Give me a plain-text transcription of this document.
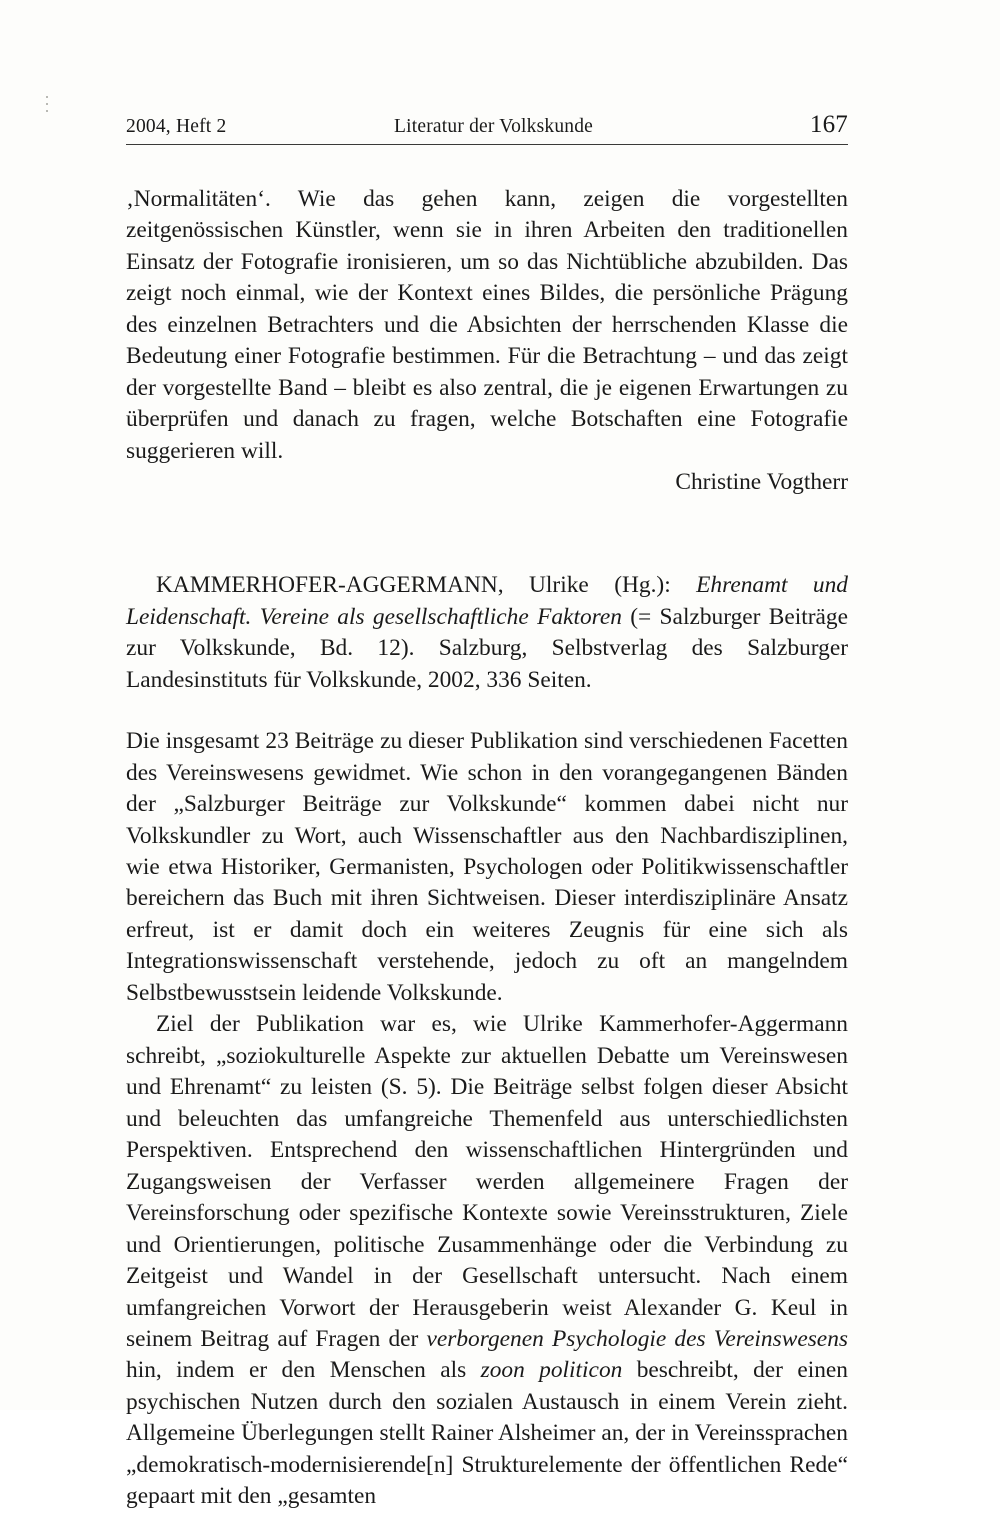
2004, Heft 2	Literatur der Volkskunde	167

‚Normalitäten‘. Wie das gehen kann, zeigen die vorgestellten zeitgenössischen Künstler, wenn sie in ihren Arbeiten den traditionellen Einsatz der Fotografie ironisieren, um so das Nichtübliche abzubilden. Das zeigt noch einmal, wie der Kontext eines Bildes, die persönliche Prägung des einzelnen Betrachters und die Absichten der herrschenden Klasse die Bedeutung einer Fotografie bestimmen. Für die Betrachtung – und das zeigt der vorgestellte Band – bleibt es also zentral, die je eigenen Erwartungen zu überprüfen und danach zu fragen, welche Botschaften eine Fotografie suggerieren will.

Christine Vogtherr
KAMMERHOFER-AGGERMANN, Ulrike (Hg.): Ehrenamt und Leidenschaft. Vereine als gesellschaftliche Faktoren (= Salzburger Beiträge zur Volkskunde, Bd. 12). Salzburg, Selbstverlag des Salzburger Landesinstituts für Volkskunde, 2002, 336 Seiten.

Die insgesamt 23 Beiträge zu dieser Publikation sind verschiedenen Facetten des Vereinswesens gewidmet. Wie schon in den vorangegangenen Bänden der „Salzburger Beiträge zur Volkskunde“ kommen dabei nicht nur Volkskundler zu Wort, auch Wissenschaftler aus den Nachbardisziplinen, wie etwa Historiker, Germanisten, Psychologen oder Politikwissenschaftler bereichern das Buch mit ihren Sichtweisen. Dieser interdisziplinäre Ansatz erfreut, ist er damit doch ein weiteres Zeugnis für eine sich als Integrationswissenschaft verstehende, jedoch zu oft an mangelndem Selbstbewusstsein leidende Volkskunde.

Ziel der Publikation war es, wie Ulrike Kammerhofer-Aggermann schreibt, „soziokulturelle Aspekte zur aktuellen Debatte um Vereinswesen und Ehrenamt“ zu leisten (S. 5). Die Beiträge selbst folgen dieser Absicht und beleuchten das umfangreiche Themenfeld aus unterschiedlichsten Perspektiven. Entsprechend den wissenschaftlichen Hintergründen und Zugangsweisen der Verfasser werden allgemeinere Fragen der Vereinsforschung oder spezifische Kontexte sowie Vereinsstrukturen, Ziele und Orientierungen, politische Zusammenhänge oder die Verbindung zu Zeitgeist und Wandel in der Gesellschaft untersucht. Nach einem umfangreichen Vorwort der Herausgeberin weist Alexander G. Keul in seinem Beitrag auf Fragen der verborgenen Psychologie des Vereinswesens hin, indem er den Menschen als zoon politicon beschreibt, der einen psychischen Nutzen durch den sozialen Austausch in einem Verein zieht. Allgemeine Überlegungen stellt Rainer Alsheimer an, der in Vereinssprachen „demokratisch-modernisierende[n] Strukturelemente der öffentlichen Rede“ gepaart mit den „gesamten
